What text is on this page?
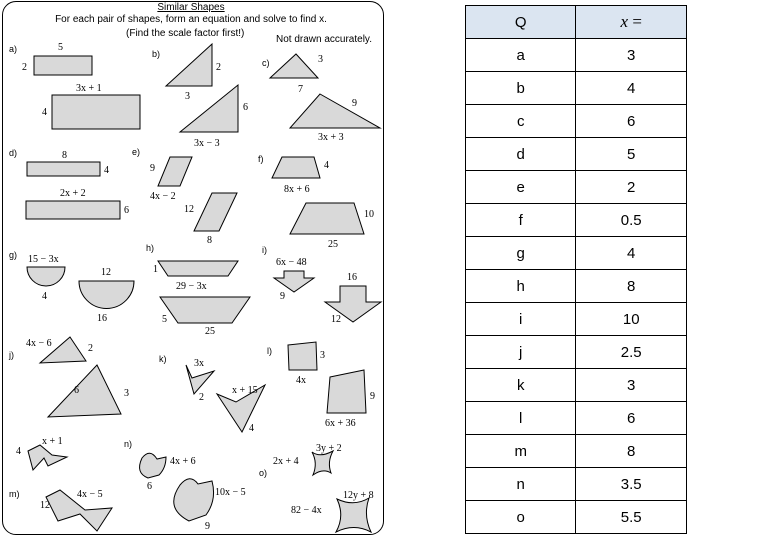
Similar Shapes
For each pair of shapes, form an equation and solve to find x.
(Find the scale factor first!)
Not drawn accurately.
a)	5
2
3x + 1
4
b)
2
3
6
3x − 3
c)	3
7
9
3x + 3
d)	8
4
2x + 2
6
e)
9
4x − 2
12
8
f)
4
8x + 6
10
25
g) 15 − 3x
4
12
16
h)
1
29 − 3x
5
25
i)
6x − 48
9
16
12
j)
4x − 6	2
6	3
k)	3x
2
x + 15
4
l)	3
4x
9
6x + 36
m)
x + 1
4
4x − 5
12
n)
4x + 6
6
10x − 5
9
o)
3y + 2
2x + 4
12y + 8
82 − 4x
Q	x =
a	3
b	4
c	6
d	5
e	2
f	0.5
g	4
h	8
i	10
j	2.5
k	3
l	6
m	8
n	3.5
o	5.5
